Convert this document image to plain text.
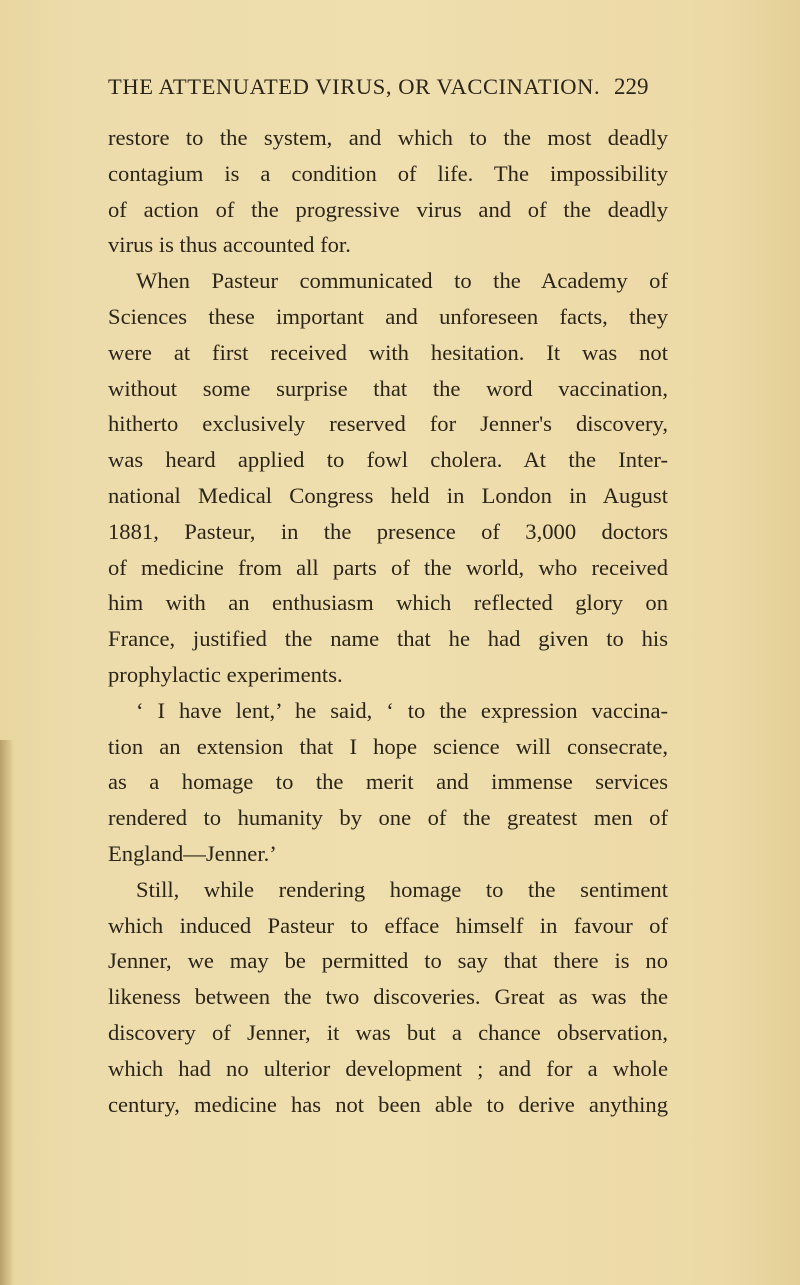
THE ATTENUATED VIRUS, OR VACCINATION. 229
restore to the system, and which to the most deadly
contagium is a condition of life. The impossibility
of action of the progressive virus and of the deadly
virus is thus accounted for.
When Pasteur communicated to the Academy of
Sciences these important and unforeseen facts, they
were at first received with hesitation. It was not
without some surprise that the word vaccination,
hitherto exclusively reserved for Jenner's discovery,
was heard applied to fowl cholera. At the Inter-
national Medical Congress held in London in August
1881, Pasteur, in the presence of 3,000 doctors
of medicine from all parts of the world, who received
him with an enthusiasm which reflected glory on
France, justified the name that he had given to his
prophylactic experiments.
‘ I have lent,’ he said, ‘ to the expression vaccina-
tion an extension that I hope science will consecrate,
as a homage to the merit and immense services
rendered to humanity by one of the greatest men of
England—Jenner.’
Still, while rendering homage to the sentiment
which induced Pasteur to efface himself in favour of
Jenner, we may be permitted to say that there is no
likeness between the two discoveries. Great as was the
discovery of Jenner, it was but a chance observation,
which had no ulterior development ; and for a whole
century, medicine has not been able to derive anything
